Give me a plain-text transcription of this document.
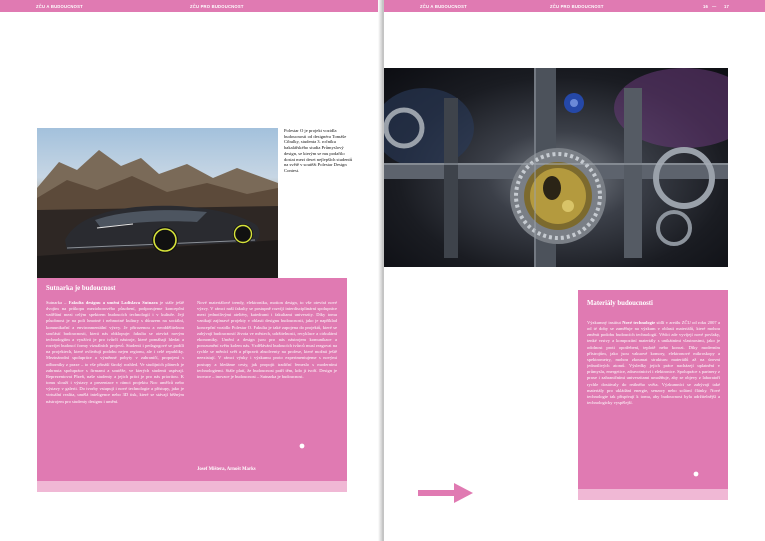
ZČU A BUDOUCNOST	ZČU PRO BUDOUCNOST
Polestar O je projekt vozidla budoucnosti od designéra Tomáše Cibulky, studenta 3. ročníku bakalářského studia Průmyslový design, se kterým se mu podařilo dostat mezi deset nejlepších studentů na světě v soutěži Polestar Design Contest.
Sutnarka je budoucnost
Sutnarka – Fakulta designu a umění Ladislava Sutnara je stále ještě dvojím na průkopu mezioborového působení, podporujeme koncepční vzdělání mezi celým spektrem budoucích technologií i v kultuře. Její působnost je na poli hmotné i nehmotné kultury s důrazem na sociální, komunikační a environmentální výzvy. Je přirozenou a neoddělitelnou součástí budoucnosti, která nás obklopuje: fakulta se otevírá novým technologiím a využívá je pro tvůrčí nástroje, které pomáhají hledat a rozvíjet budoucí formy vizuálních projevů. Studenti i pedagogové se podílí na projektech, které ovlivňují podobu nejen regionu, ale i celé republiky. Mezinárodní spolupráce a výměnné pobyty v zahraničí, propojení s odborníky z praxe – to vše přináší široký rozhled. Ve studijních plánech je zahrnuta spolupráce s firmami a soutěže, ve kterých studenti uspívají. Reprezentovat Plzeň, naše studenty a jejich práci je pro nás prioritou. K tomu slouží i výstavy a prezentace v rámci projektu Noc umělců nebo výstavy v galerii. Do tvorby vstupují i nové technologie a přístupy, jako je virtuální realita, umělá inteligence nebo 3D tisk, které se stávají běžným nástrojem pro studenty designu i umění.
Nové materiálové trendy, elektronika, motion design, to vše otevírá nové výzvy. V rámci naší fakulty se postupně rozvíjí interdisciplinární spolupráce mezi jednotlivými ateliéry, katedrami i fakultami univerzity. Díky tomu vznikají zajímavé projekty v oblasti designu budoucnosti, jako je například koncepční vozidlo Polestar O. Fakulta je také zapojena do projektů, které se zabývají budoucností života ve městech, udržitelnosti, recyklace a cirkulární ekonomiky. Umění a design jsou pro nás nástrojem komunikace a porozumění světu kolem nás. Vzdělávání budoucích tvůrců musí reagovat na rychle se měnící svět a připravit absolventy na profese, které možná ještě neexistují. V rámci výuky i výzkumu proto experimentujeme s novými postupy a hledáme cesty, jak propojit tradiční řemeslo s moderními technologiemi. Stále platí, že budoucnost patří těm, kdo ji tvoří. Design je inovace – inovace je budoucnost – Sutnarka je budoucnost.
Josef Mištera, Arnošt Marks
ZČU A BUDOUCNOST	ZČU PRO BUDOUCNOST	16 — 17
Materiály budoucnosti
Výzkumný institut Nové technologie sídlí v areálu ZČU od roku 2007 a od té doby se zaměřuje na výzkum v oblasti materiálů, které mohou změnit podobu budoucích technologií. Vědci zde vyvíjejí nové povlaky, tenké vrstvy a kompozitní materiály s unikátními vlastnostmi, jako je odolnost proti opotřebení, teplotě nebo korozi. Díky moderním přístrojům, jako jsou vakuové komory, elektronové mikroskopy a spektrometry, mohou zkoumat strukturu materiálů až na úrovni jednotlivých atomů. Výsledky jejich práce nacházejí uplatnění v průmyslu, energetice, zdravotnictví i elektronice. Spolupráce s partnery z praxe i zahraničními univerzitami umožňuje, aby se objevy z laboratoří rychle dostávaly do reálného světa. Výzkumníci se zabývají také materiály pro ukládání energie, senzory nebo solární články. Nové technologie tak přispívají k tomu, aby budoucnost byla udržitelnější a technologicky vyspělejší.
